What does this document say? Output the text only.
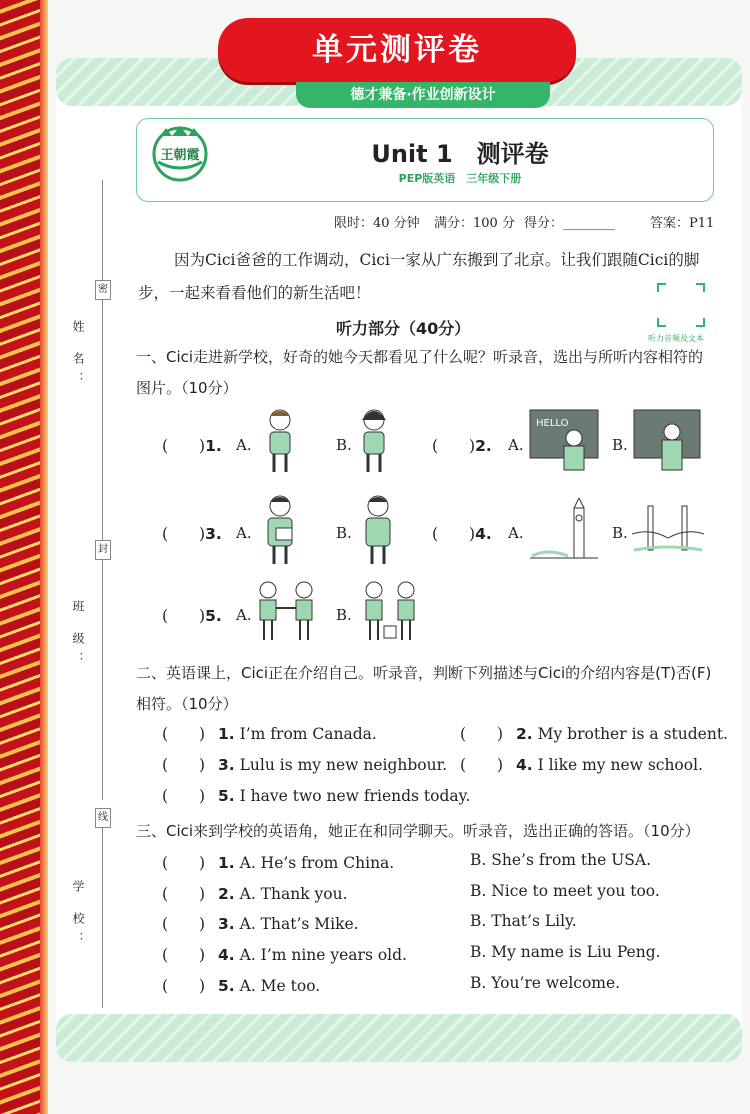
单元测评卷
德才兼备·作业创新设计
密
姓 名：
封
班 级：
线
学 校：
王朝霞	Unit 1　测评卷
PEP版英语　三年级下册
限时：40 分钟 满分：100 分 得分：________	答案：P11
因为Cici爸爸的工作调动，Cici一家从广东搬到了北京。让我们跟随Cici的脚步，一起来看看他们的新生活吧！
听力音频及文本
听力部分（40分）
一、Cici走进新学校，好奇的她今天都看见了什么呢？听录音，选出与所听内容相符的图片。（10分）
(　　)1. A.	B.	(　　)2. A.
HELLO
B.
(　　)3. A.	B.	(　　)4. A.	B.
(　　)5. A.	B.
二、英语课上，Cici正在介绍自己。听录音，判断下列描述与Cici的介绍内容是(T)否(F)相符。（10分）
(　　) 1. I’m from Canada.	(　　) 2. My brother is a student.
(　　) 3. Lulu is my new neighbour. (　　) 4. I like my new school.
(　　) 5. I have two new friends today.
三、Cici来到学校的英语角，她正在和同学聊天。听录音，选出正确的答语。（10分）
(　　) 1. A. He’s from China.	B. She’s from the USA.
(　　) 2. A. Thank you.	B. Nice to meet you too.
(　　) 3. A. That’s Mike.	B. That’s Lily.
(　　) 4. A. I’m nine years old.	B. My name is Liu Peng.
(　　) 5. A. Me too.	B. You’re welcome.
